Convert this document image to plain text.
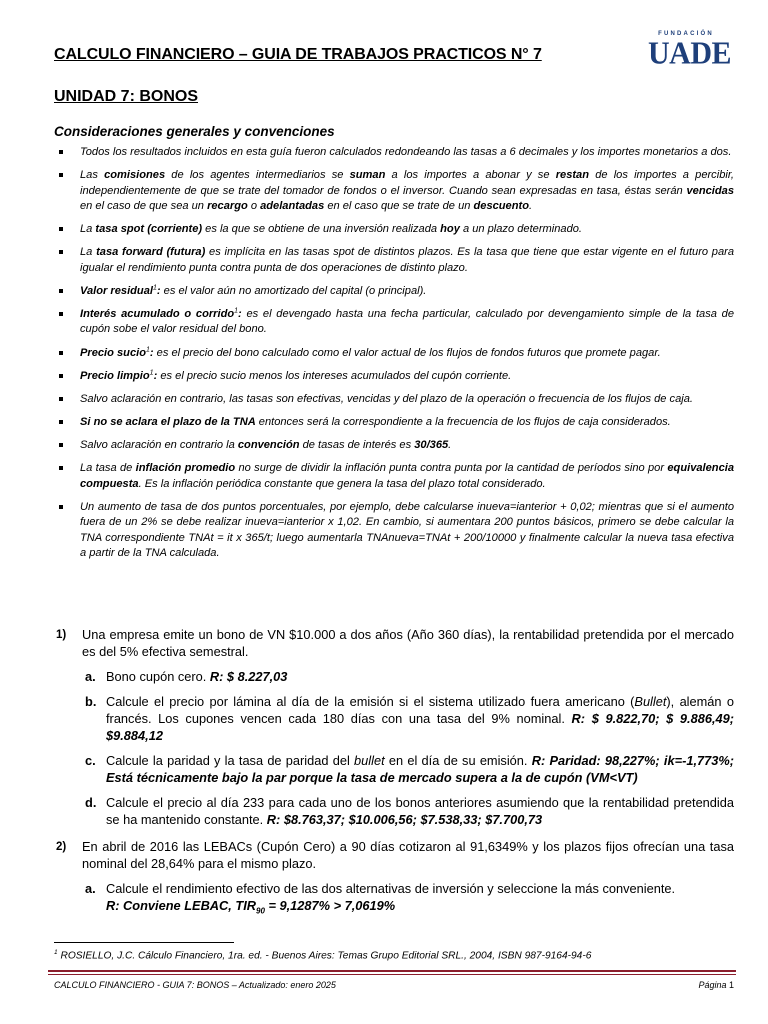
CALCULO FINANCIERO – GUIA DE TRABAJOS PRACTICOS N° 7
FUNDACIÓN
UADE
UNIDAD 7: BONOS
Consideraciones generales y convenciones
Todos los resultados incluidos en esta guía fueron calculados redondeando las tasas a 6 decimales y los importes monetarios a dos.
Las comisiones de los agentes intermediarios se suman a los importes a abonar y se restan de los importes a percibir, independientemente de que se trate del tomador de fondos o el inversor. Cuando sean expresadas en tasa, éstas serán vencidas en el caso de que sea un recargo o adelantadas en el caso que se trate de un descuento.
La tasa spot (corriente) es la que se obtiene de una inversión realizada hoy a un plazo determinado.
La tasa forward (futura) es implícita en las tasas spot de distintos plazos. Es la tasa que tiene que estar vigente en el futuro para igualar el rendimiento punta contra punta de dos operaciones de distinto plazo.
Valor residual$^1$: es el valor aún no amortizado del capital (o principal).
Interés acumulado o corrido$^1$: es el devengado hasta una fecha particular, calculado por devengamiento simple de la tasa de cupón sobe el valor residual del bono.
Precio sucio$^1$: es el precio del bono calculado como el valor actual de los flujos de fondos futuros que promete pagar.
Precio limpio$^1$: es el precio sucio menos los intereses acumulados del cupón corriente.
Salvo aclaración en contrario, las tasas son efectivas, vencidas y del plazo de la operación o frecuencia de los flujos de caja.
Si no se aclara el plazo de la TNA entonces será la correspondiente a la frecuencia de los flujos de caja considerados.
Salvo aclaración en contrario la convención de tasas de interés es 30/365.
La tasa de inflación promedio no surge de dividir la inflación punta contra punta por la cantidad de períodos sino por equivalencia compuesta. Es la inflación periódica constante que genera la tasa del plazo total considerado.
Un aumento de tasa de dos puntos porcentuales, por ejemplo, debe calcularse inueva=ianterior + 0,02; mientras que si el aumento fuera de un 2% se debe realizar inueva=ianterior x 1,02. En cambio, si aumentara 200 puntos básicos, primero se debe calcular la TNA correspondiente TNAt = it x 365/t; luego aumentarla TNAnueva=TNAt + 200/10000 y finalmente calcular la nueva tasa efectiva a partir de la TNA calculada.
1) Una empresa emite un bono de VN $10.000 a dos años (Año 360 días), la rentabilidad pretendida por el mercado es del 5% efectiva semestral.
a. Bono cupón cero. R: $ 8.227,03
b. Calcule el precio por lámina al día de la emisión si el sistema utilizado fuera americano (Bullet), alemán o francés. Los cupones vencen cada 180 días con una tasa del 9% nominal. R: $ 9.822,70; $ 9.886,49; $9.884,12
c. Calcule la paridad y la tasa de paridad del bullet en el día de su emisión. R: Paridad: 98,227%; ik=-1,773%; Está técnicamente bajo la par porque la tasa de mercado supera a la de cupón (VM<VT)
d. Calcule el precio al día 233 para cada uno de los bonos anteriores asumiendo que la rentabilidad pretendida se ha mantenido constante. R: $8.763,37; $10.006,56; $7.538,33; $7.700,73
2) En abril de 2016 las LEBACs (Cupón Cero) a 90 días cotizaron al 91,6349% y los plazos fijos ofrecían una tasa nominal del 28,64% para el mismo plazo.
a. Calcule el rendimiento efectivo de las dos alternativas de inversión y seleccione la más conveniente.
R: Conviene LEBAC, $TIR_{90} = 9,1287\% > 7,0619\%$
$^1$ ROSIELLO, J.C. Cálculo Financiero, 1ra. ed. - Buenos Aires: Temas Grupo Editorial SRL., 2004, ISBN 987-9164-94-6
CALCULO FINANCIERO - GUIA 7: BONOS – Actualizado: enero 2025	Página 1
